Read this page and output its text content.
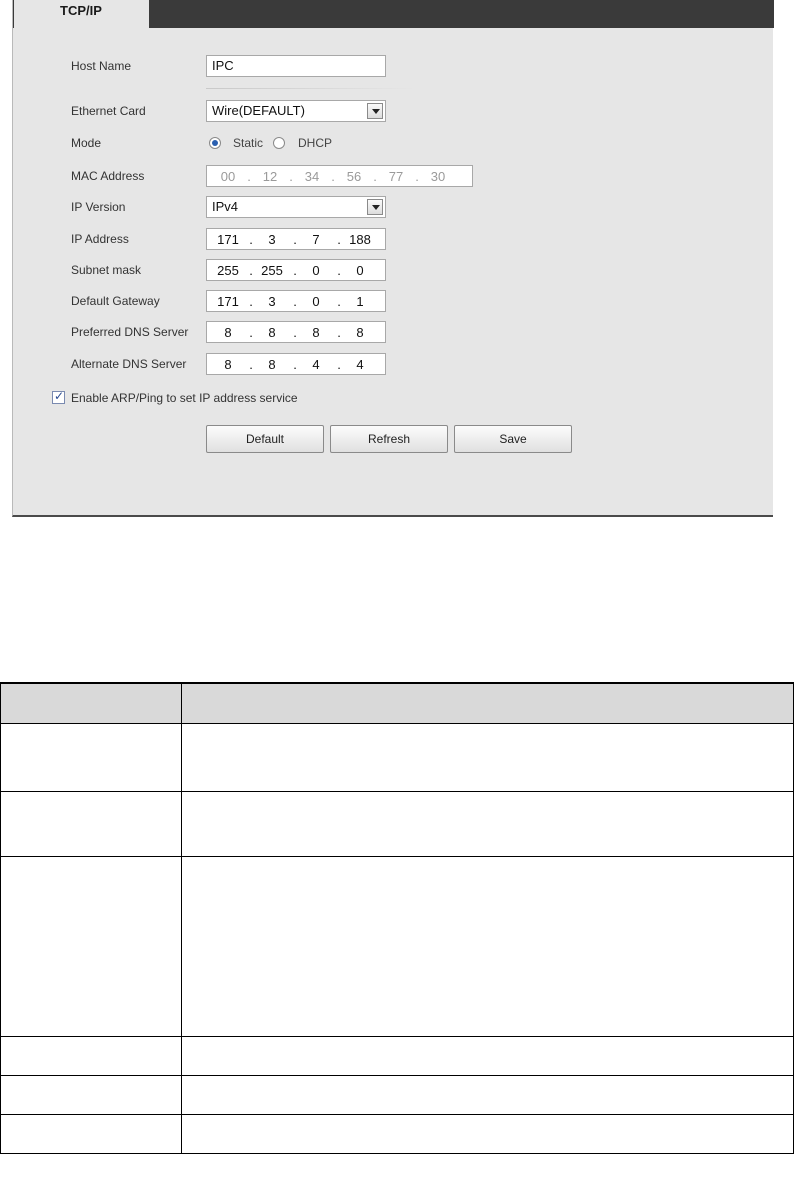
TCP/IP
Host Name	IPC
Ethernet Card	Wire(DEFAULT)
Mode	Static	DHCP
MAC Address	00 . 12 . 34 . 56 . 77 . 30
IP Version	IPv4
IP Address	171 .	3	.	7	. 188
Subnet mask	255 . 255 .	0	.	0
Default Gateway	171 .	3	.	0	.	1
Preferred DNS Server	8	.	8	.	8	.	8
Alternate DNS Server	8	.	8	.	4	.	4
✓
Enable ARP/Ping to set IP address service
Default	Refresh	Save
